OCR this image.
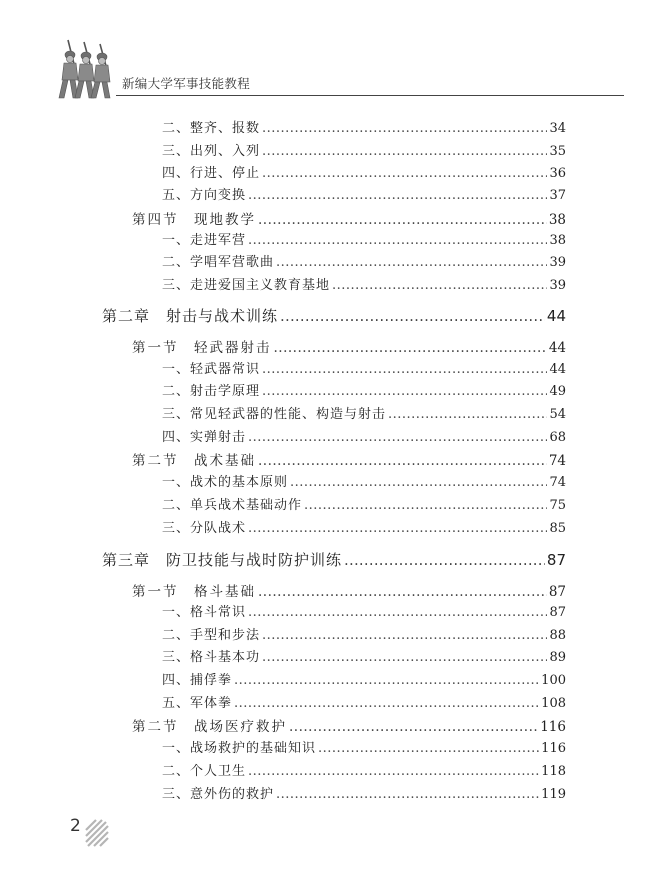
新编大学军事技能教程
二、整齐、报数 .....	34
三、出列、入列 .....	35
四、行进、停止 .....	36
五、方向变换 .....	37
第四节　现地教学 .....	38
一、走进军营 .....	38
二、学唱军营歌曲 .....	39
三、走进爱国主义教育基地 .....	39
第二章　射击与战术训练 .....	44
第一节　轻武器射击 .....	44
一、轻武器常识 .....	44
二、射击学原理 .....	49
三、常见轻武器的性能、构造与射击 .....	54
四、实弹射击 .....	68
第二节　战术基础 .....	74
一、战术的基本原则 .....	74
二、单兵战术基础动作 .....	75
三、分队战术 .....	85
第三章　防卫技能与战时防护训练 .....	87
第一节　格斗基础 .....	87
一、格斗常识 .....	87
二、手型和步法 .....	88
三、格斗基本功 .....	89
四、捕俘拳 .....	100
五、军体拳 .....	108
第二节　战场医疗救护 .....	116
一、战场救护的基础知识 .....	116
二、个人卫生 .....	118
三、意外伤的救护 .....	119
2
